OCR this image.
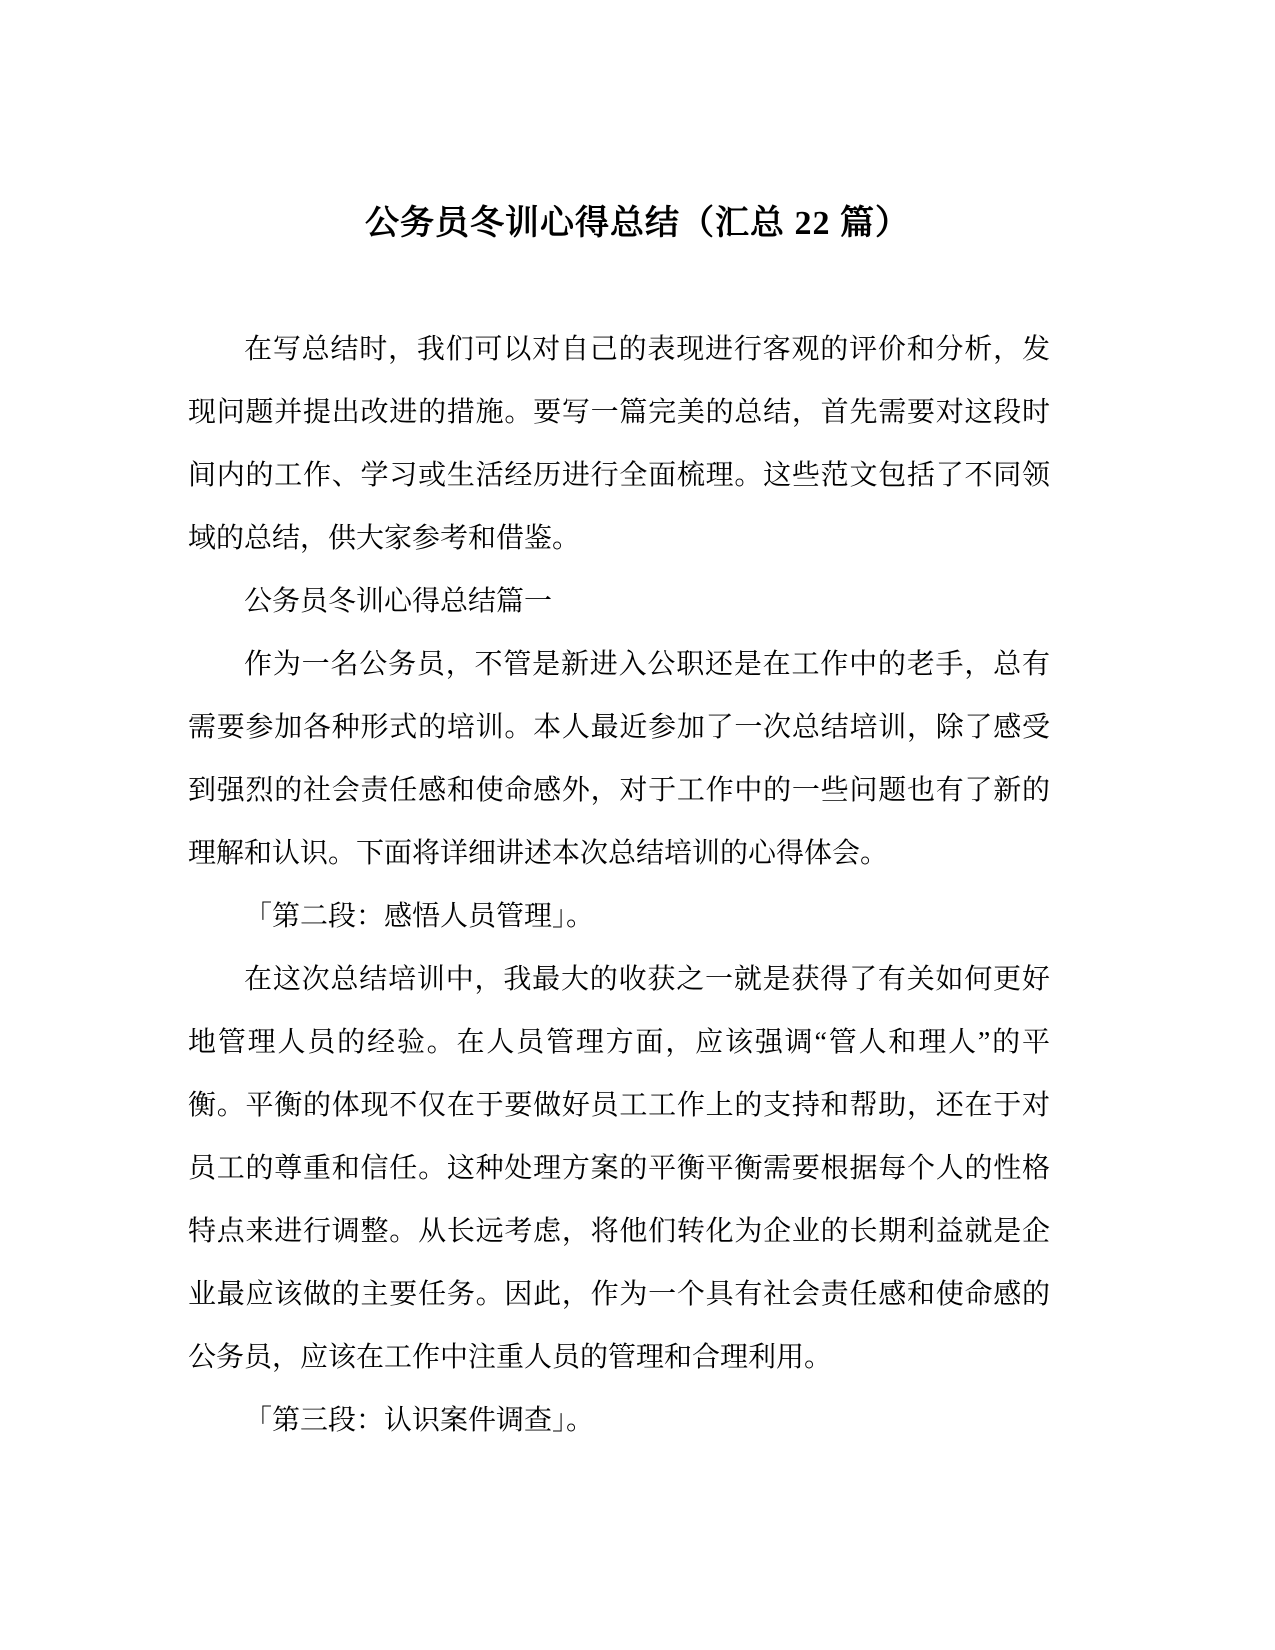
公务员冬训心得总结（汇总 22 篇）

在写总结时，我们可以对自己的表现进行客观的评价和分析，发现问题并提出改进的措施。要写一篇完美的总结，首先需要对这段时间内的工作、学习或生活经历进行全面梳理。这些范文包括了不同领域的总结，供大家参考和借鉴。

公务员冬训心得总结篇一

作为一名公务员，不管是新进入公职还是在工作中的老手，总有需要参加各种形式的培训。本人最近参加了一次总结培训，除了感受到强烈的社会责任感和使命感外，对于工作中的一些问题也有了新的理解和认识。下面将详细讲述本次总结培训的心得体会。

「第二段：感悟人员管理」。

在这次总结培训中，我最大的收获之一就是获得了有关如何更好地管理人员的经验。在人员管理方面，应该强调“管人和理人”的平衡。平衡的体现不仅在于要做好员工工作上的支持和帮助，还在于对员工的尊重和信任。这种处理方案的平衡平衡需要根据每个人的性格特点来进行调整。从长远考虑，将他们转化为企业的长期利益就是企业最应该做的主要任务。因此，作为一个具有社会责任感和使命感的公务员，应该在工作中注重人员的管理和合理利用。

「第三段：认识案件调查」。
